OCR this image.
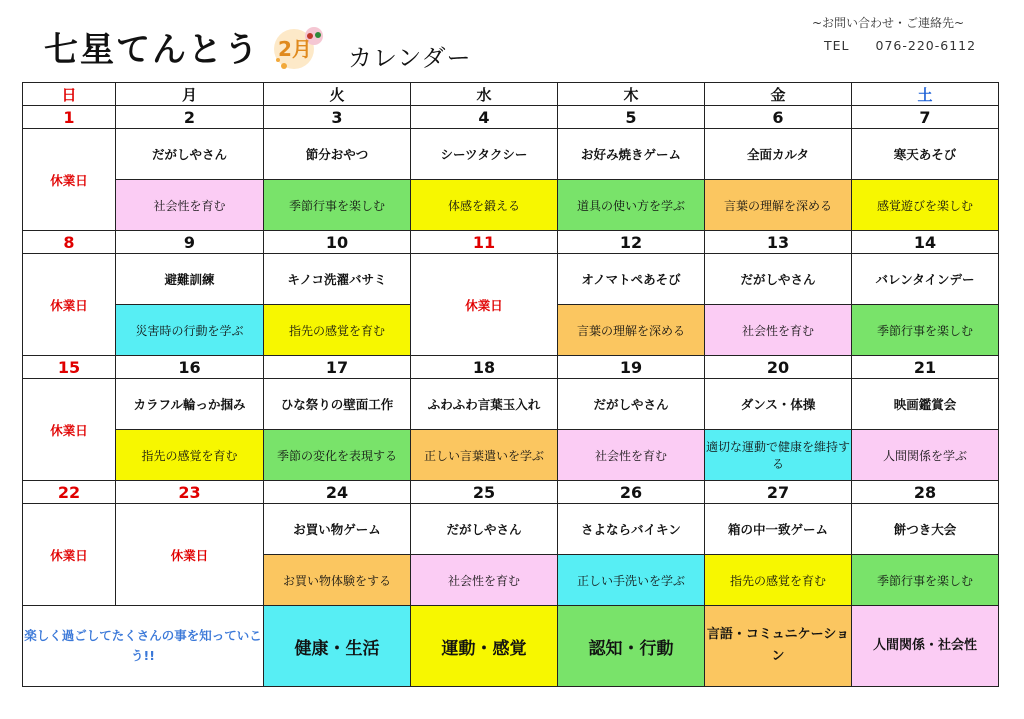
七星てんとう 2月 カレンダー
~お問い合わせ・ご連絡先~
TEL 076-220-6112
日	月	火	水	木	金	土
1	2	3	4	5	6	7
休業日	だがしやさん	節分おやつ	シーツタクシー	お好み焼きゲーム	全面カルタ	寒天あそび
	社会性を育む	季節行事を楽しむ	体感を鍛える	道具の使い方を学ぶ	言葉の理解を深める	感覚遊びを楽しむ
8	9	10	11	12	13	14
休業日	避難訓練	キノコ洗濯バサミ	休業日	オノマトペあそび	だがしやさん	バレンタインデー
	災害時の行動を学ぶ	指先の感覚を育む		言葉の理解を深める	社会性を育む	季節行事を楽しむ
15	16	17	18	19	20	21
休業日	カラフル輪っか掴み	ひな祭りの壁面工作	ふわふわ言葉玉入れ	だがしやさん	ダンス・体操	映画鑑賞会
	指先の感覚を育む	季節の変化を表現する	正しい言葉遣いを学ぶ	社会性を育む	適切な運動で健康を維持する	人間関係を学ぶ
22	23	24	25	26	27	28
休業日	休業日	お買い物ゲーム	だがしやさん	さよならバイキン	箱の中一致ゲーム	餅つき大会
		お買い物体験をする	社会性を育む	正しい手洗いを学ぶ	指先の感覚を育む	季節行事を楽しむ
楽しく過ごしてたくさんの事を知っていこう!!		健康・生活	運動・感覚	認知・行動	言語・コミュニケーション	人間関係・社会性
